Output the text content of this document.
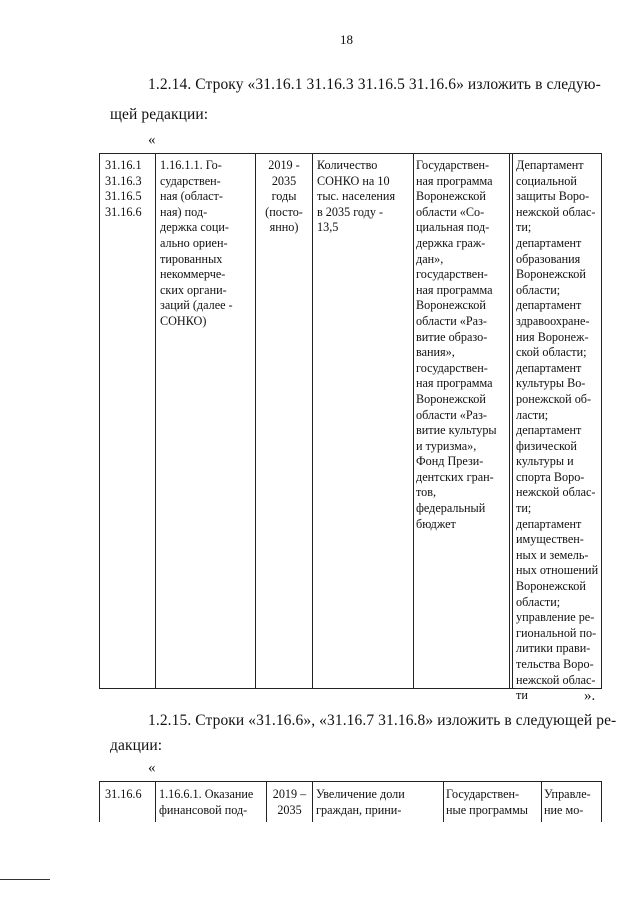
18
1.2.14. Строку «31.16.1 31.16.3 31.16.5 31.16.6» изложить в следую-
щей редакции:
«
31.16.1
31.16.3
31.16.5
31.16.6
1.16.1.1. Го-
сударствен-
ная (област-
ная) под-
держка соци-
ально ориен-
тированных
некоммерче-
ских органи-
заций (далее -
СОНКО)
2019 -
2035
годы
(посто-
янно)
Количество
СОНКО на 10
тыс. населения
в 2035 году -
13,5
Государствен-
ная программа
Воронежской
области «Со-
циальная под-
держка граж-
дан»,
государствен-
ная программа
Воронежской
области «Раз-
витие образо-
вания»,
государствен-
ная программа
Воронежской
области «Раз-
витие культуры
и туризма»,
Фонд Прези-
дентских гран-
тов,
федеральный
бюджет
Департамент
социальной
защиты Воро-
нежской облас-
ти;
департамент
образования
Воронежской
области;
департамент
здравоохране-
ния Воронеж-
ской области;
департамент
культуры Во-
ронежской об-
ласти;
департамент
физической
культуры и
спорта Воро-
нежской облас-
ти;
департамент
имуществен-
ных и земель-
ных отношений
Воронежской
области;
управление ре-
гиональной по-
литики прави-
тельства Воро-
нежской облас-
ти	».
1.2.15. Строки «31.16.6», «31.16.7 31.16.8» изложить в следующей ре-
дакции:
«
31.16.6	1.16.6.1. Оказание
финансовой под-
2019 –
2035
Увеличение доли
граждан, прини-
Государствен-
ные программы
Управле-
ние мо-
